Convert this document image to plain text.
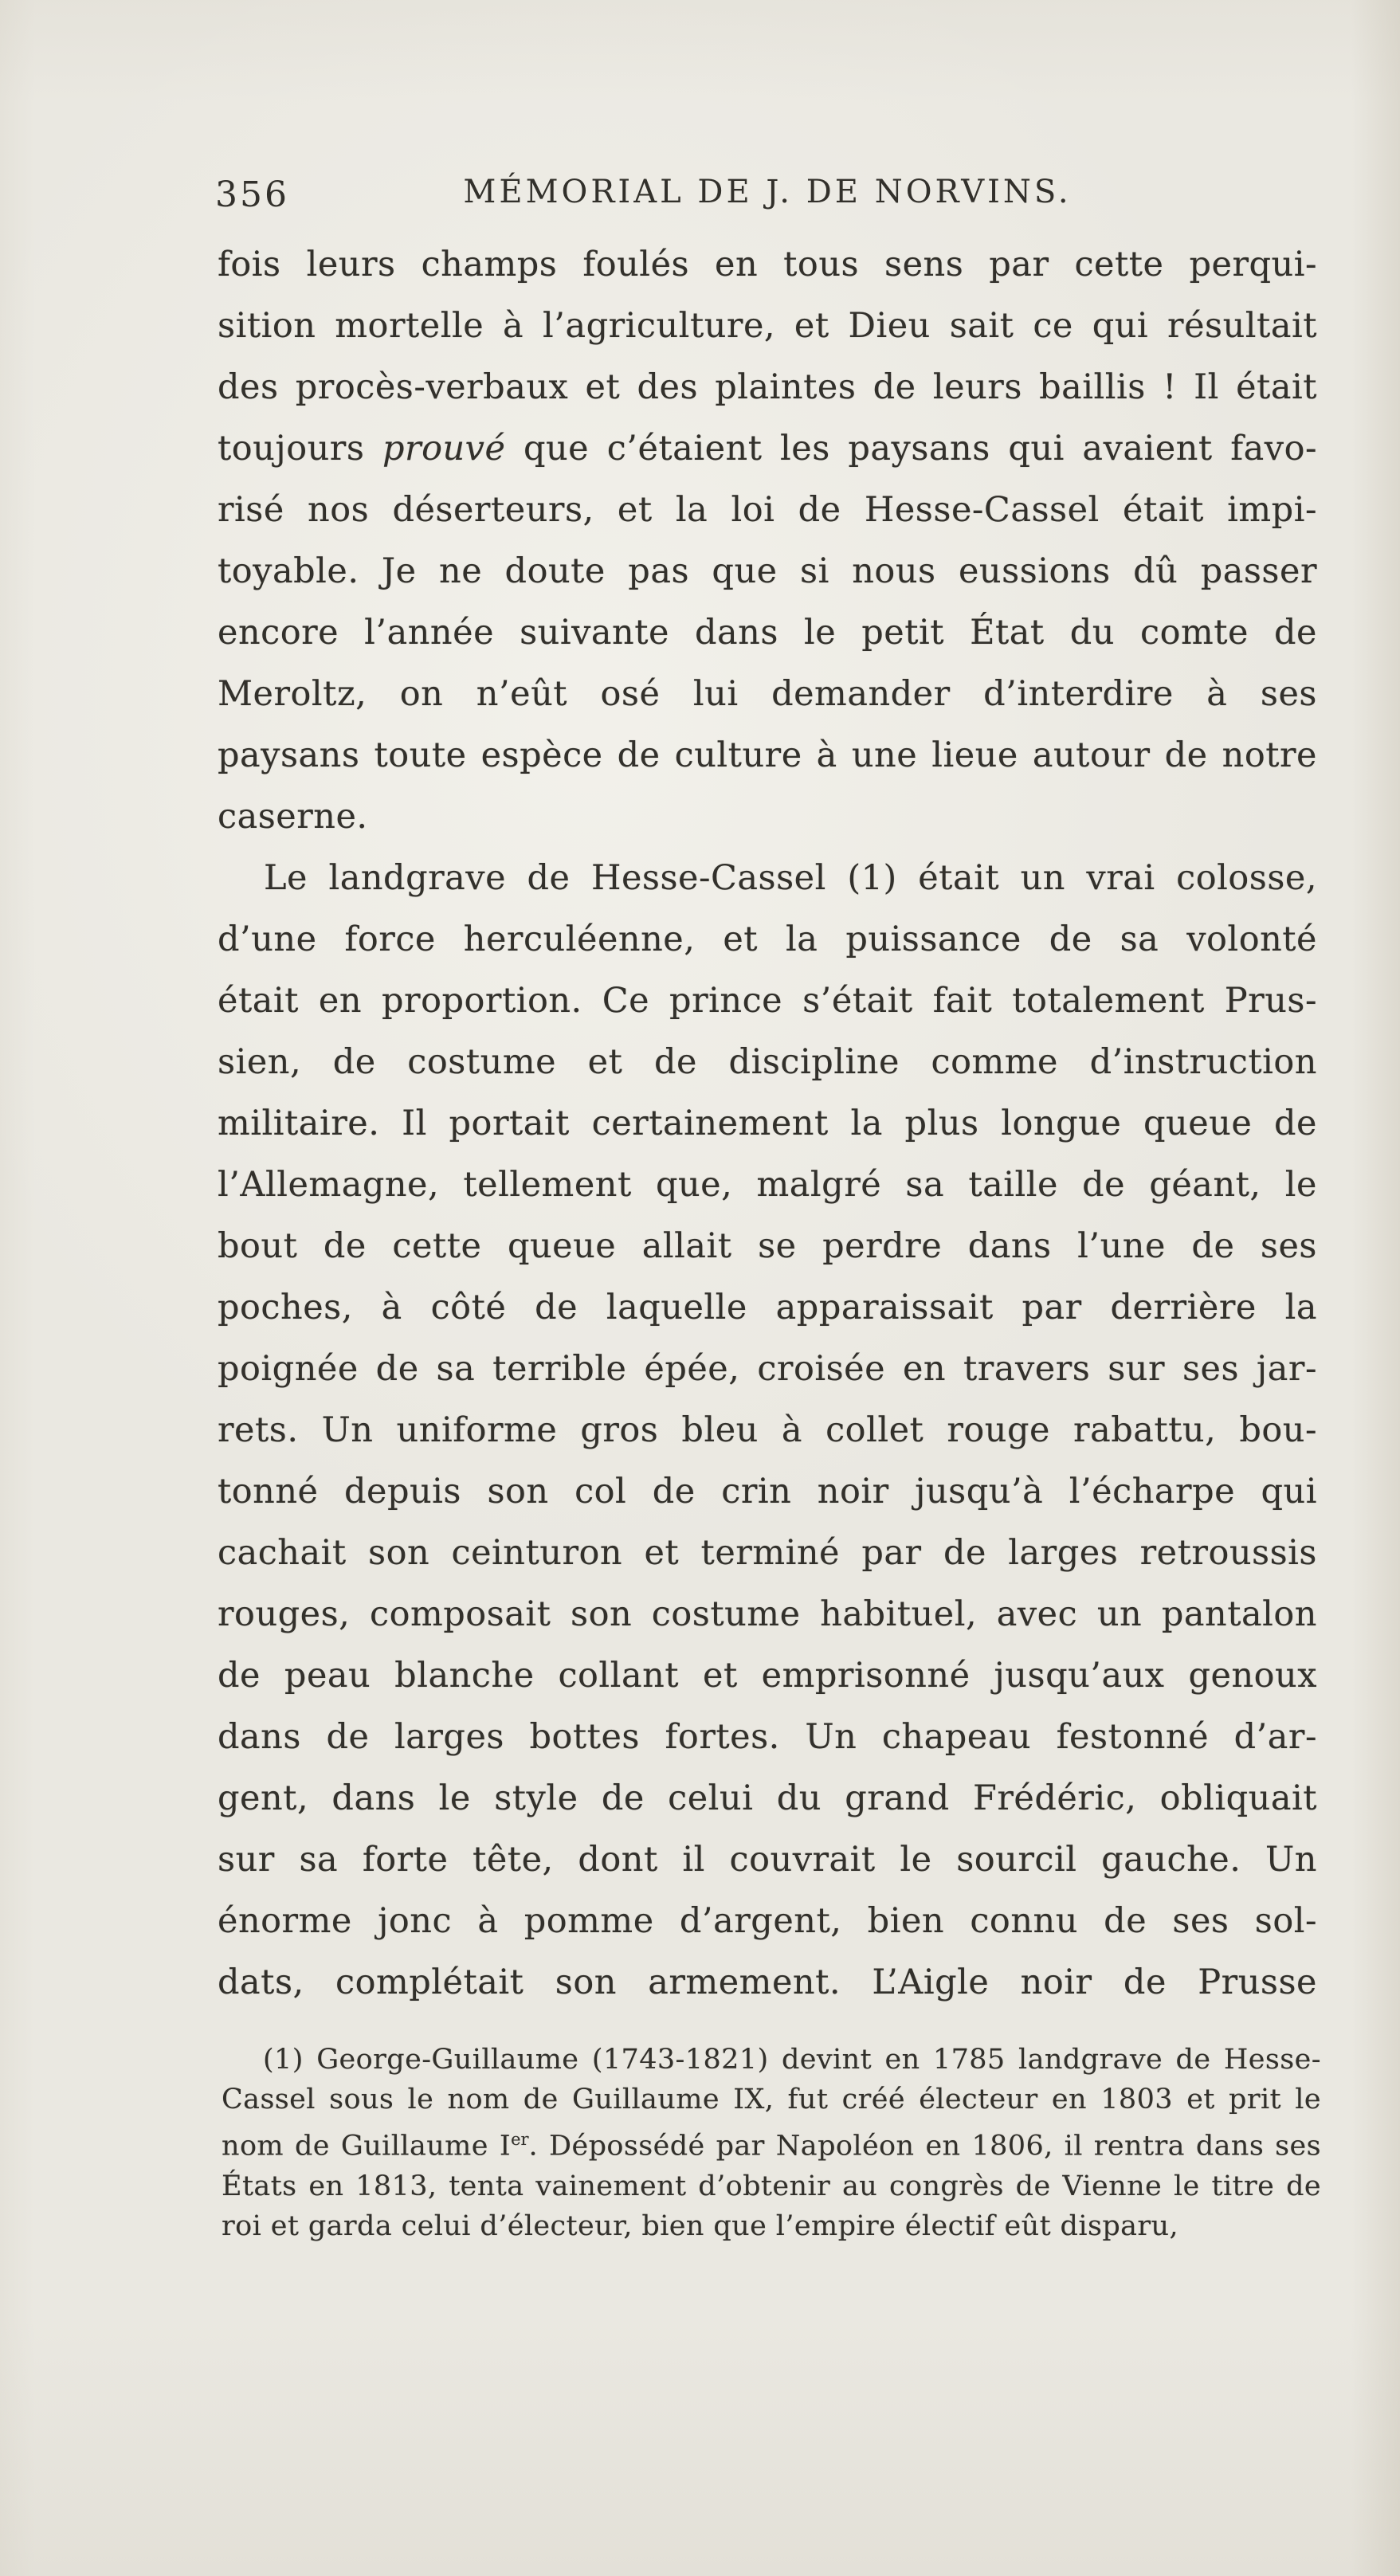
356	MÉMORIAL DE J. DE NORVINS.
fois leurs champs foulés en tous sens par cette perqui-
sition mortelle à l’agriculture, et Dieu sait ce qui résultait
des procès-verbaux et des plaintes de leurs baillis ! Il était
toujours prouvé que c’étaient les paysans qui avaient favo-
risé nos déserteurs, et la loi de Hesse-Cassel était impi-
toyable. Je ne doute pas que si nous eussions dû passer
encore l’année suivante dans le petit État du comte de
Meroltz, on n’eût osé lui demander d’interdire à ses
paysans toute espèce de culture à une lieue autour de notre
caserne.
Le landgrave de Hesse-Cassel (1) était un vrai colosse,
d’une force herculéenne, et la puissance de sa volonté
était en proportion. Ce prince s’était fait totalement Prus-
sien, de costume et de discipline comme d’instruction
militaire. Il portait certainement la plus longue queue de
l’Allemagne, tellement que, malgré sa taille de géant, le
bout de cette queue allait se perdre dans l’une de ses
poches, à côté de laquelle apparaissait par derrière la
poignée de sa terrible épée, croisée en travers sur ses jar-
rets. Un uniforme gros bleu à collet rouge rabattu, bou-
tonné depuis son col de crin noir jusqu’à l’écharpe qui
cachait son ceinturon et terminé par de larges retroussis
rouges, composait son costume habituel, avec un pantalon
de peau blanche collant et emprisonné jusqu’aux genoux
dans de larges bottes fortes. Un chapeau festonné d’ar-
gent, dans le style de celui du grand Frédéric, obliquait
sur sa forte tête, dont il couvrait le sourcil gauche. Un
énorme jonc à pomme d’argent, bien connu de ses sol-
dats, complétait son armement. L’Aigle noir de Prusse
(1) George-Guillaume (1743-1821) devint en 1785 landgrave de Hesse-
Cassel sous le nom de Guillaume IX, fut créé électeur en 1803 et prit le
nom de Guillaume Ier. Dépossédé par Napoléon en 1806, il rentra dans ses
États en 1813, tenta vainement d’obtenir au congrès de Vienne le titre de
roi et garda celui d’électeur, bien que l’empire électif eût disparu,
